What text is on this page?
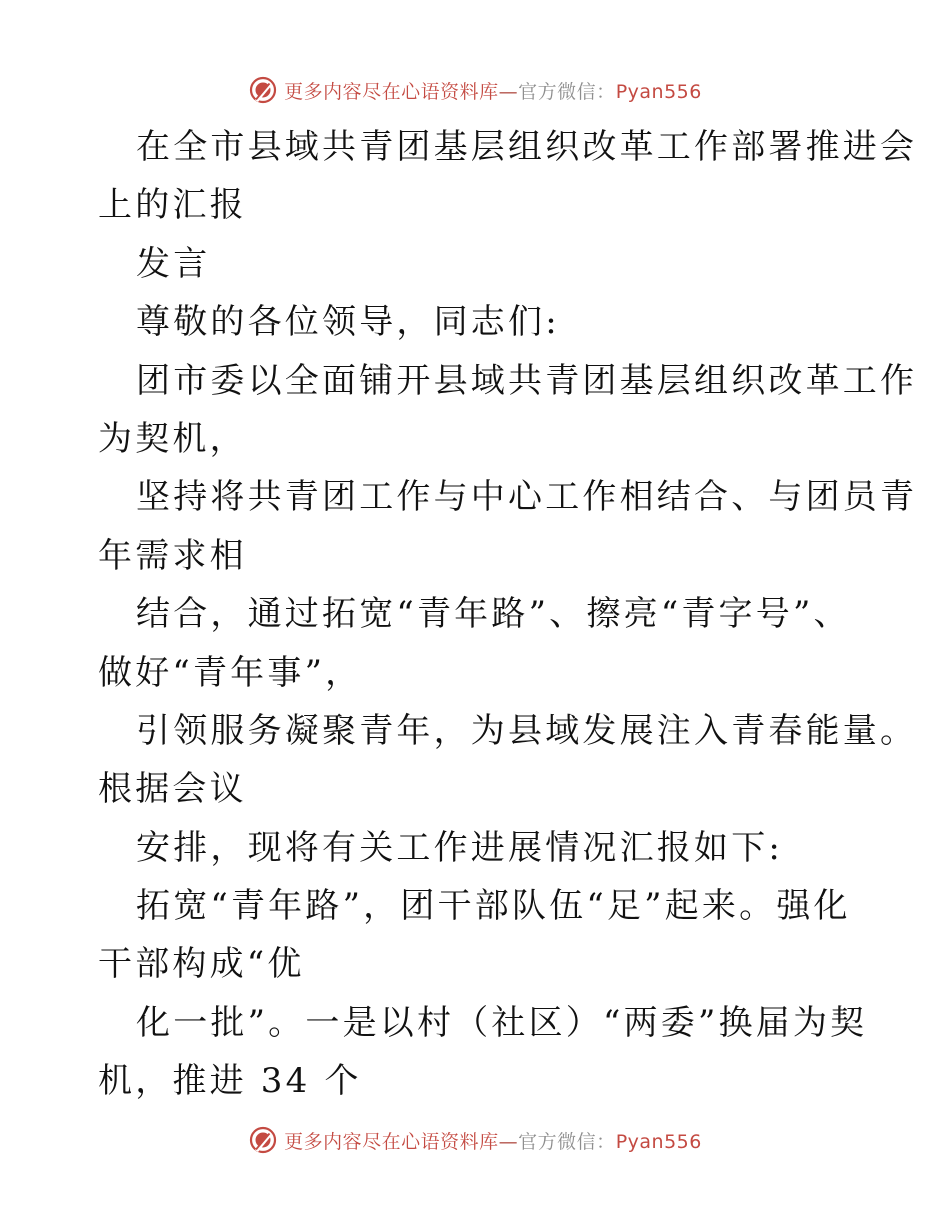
更多内容尽在心语资料库—官方微信：Pyan556
在全市县域共青团基层组织改革工作部署推进会
上的汇报
发言
尊敬的各位领导，同志们:
团市委以全面铺开县域共青团基层组织改革工作
为契机，
坚持将共青团工作与中心工作相结合、与团员青
年需求相
结合，通过拓宽“青年路”、擦亮“青字号”、
做好“青年事”，
引领服务凝聚青年，为县域发展注入青春能量。
根据会议
安排，现将有关工作进展情况汇报如下:
拓宽“青年路”，团干部队伍“足”起来。强化
干部构成“优
化一批”。一是以村（社区）“两委”换届为契
机，推进 34 个
更多内容尽在心语资料库—官方微信：Pyan556
